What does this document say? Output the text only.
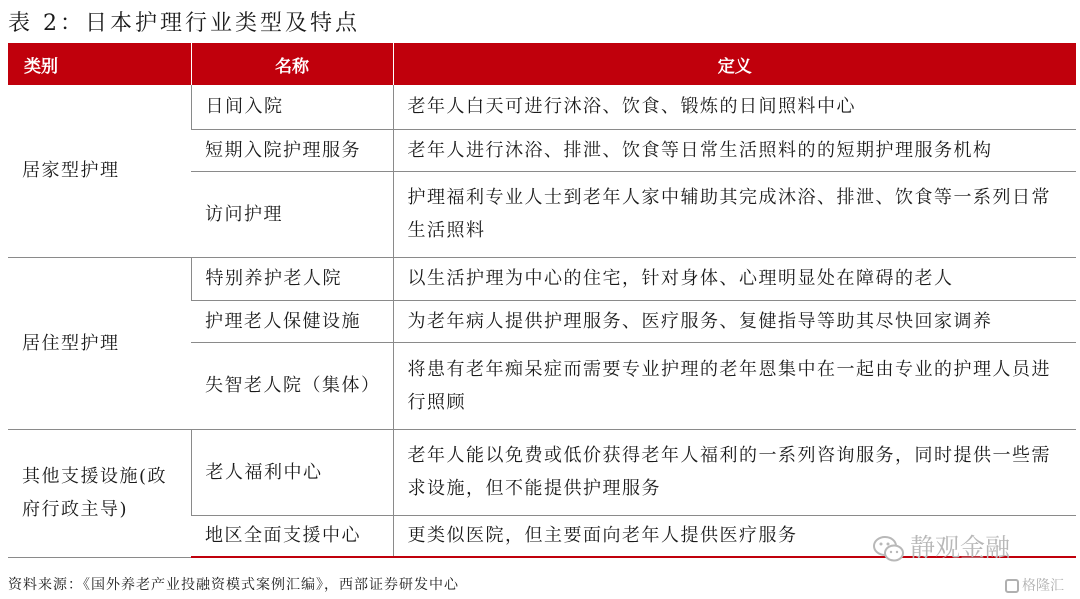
表 2：日本护理行业类型及特点
类别	名称	定义
居家型护理	日间入院	老年人白天可进行沐浴、饮食、锻炼的日间照料中心
	短期入院护理服务	老年人进行沐浴、排泄、饮食等日常生活照料的的短期护理服务机构
	访问护理	护理福利专业人士到老年人家中辅助其完成沐浴、排泄、饮食等一系列日常生活照料
居住型护理	特别养护老人院	以生活护理为中心的住宅，针对身体、心理明显处在障碍的老人
	护理老人保健设施	为老年病人提供护理服务、医疗服务、复健指导等助其尽快回家调养
	失智老人院（集体）	将患有老年痴呆症而需要专业护理的老年恩集中在一起由专业的护理人员进行照顾
其他支援设施(政府行政主导)	老人福利中心	老年人能以免费或低价获得老年人福利的一系列咨询服务，同时提供一些需求设施，但不能提供护理服务
	地区全面支援中心	更类似医院，但主要面向老年人提供医疗服务	静观金融
资料来源：《国外养老产业投融资模式案例汇编》，西部证券研发中心	格隆汇
